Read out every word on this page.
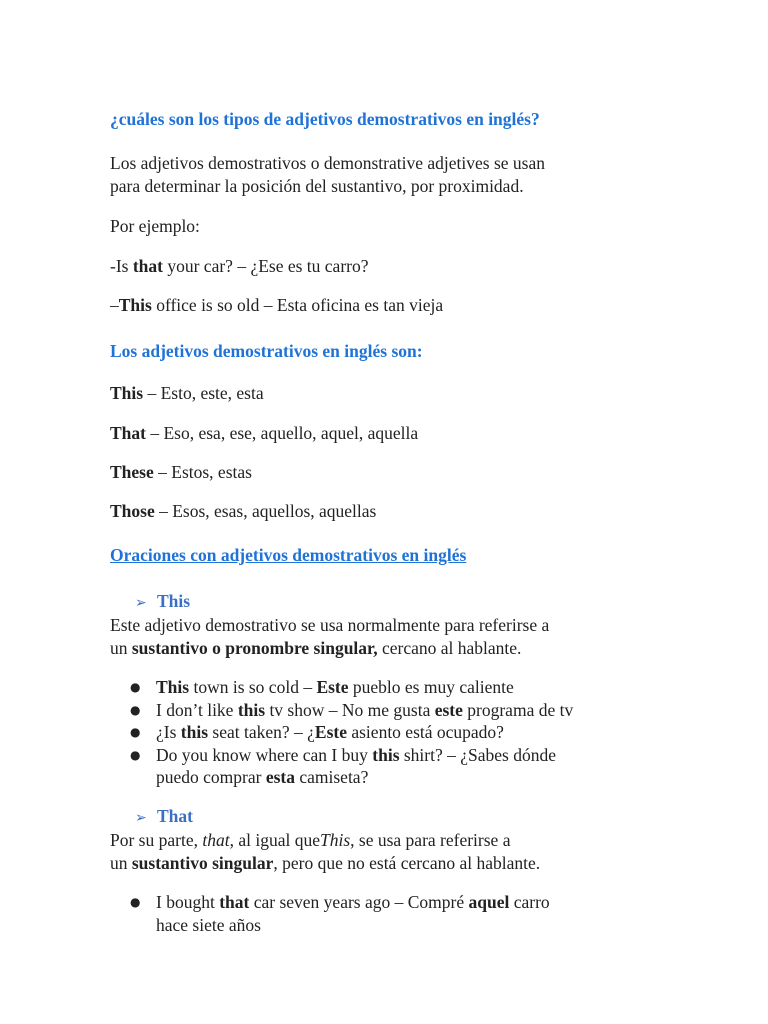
¿cuáles son los tipos de adjetivos demostrativos en inglés?

Los adjetivos demostrativos o demonstrative adjetives se usan

para determinar la posición del sustantivo, por proximidad.

Por ejemplo:

-Is that your car? – ¿Ese es tu carro?

–This office is so old – Esta oficina es tan vieja

Los adjetivos demostrativos en inglés son:

This – Esto, este, esta

That – Eso, esa, ese, aquello, aquel, aquella

These – Estos, estas

Those – Esos, esas, aquellos, aquellas

Oraciones con adjetivos demostrativos en inglés

➢ This

Este adjetivo demostrativo se usa normalmente para referirse a

un sustantivo o pronombre singular, cercano al hablante.

● This town is so cold – Este pueblo es muy caliente
● I don’t like this tv show – No me gusta este programa de tv
● ¿Is this seat taken? – ¿Este asiento está ocupado?
● Do you know where can I buy this shirt? – ¿Sabes dónde
puedo comprar esta camiseta?
➢ That

Por su parte, that, al igual queThis, se usa para referirse a

un sustantivo singular, pero que no está cercano al hablante.

● I bought that car seven years ago – Compré aquel carro
hace siete años
